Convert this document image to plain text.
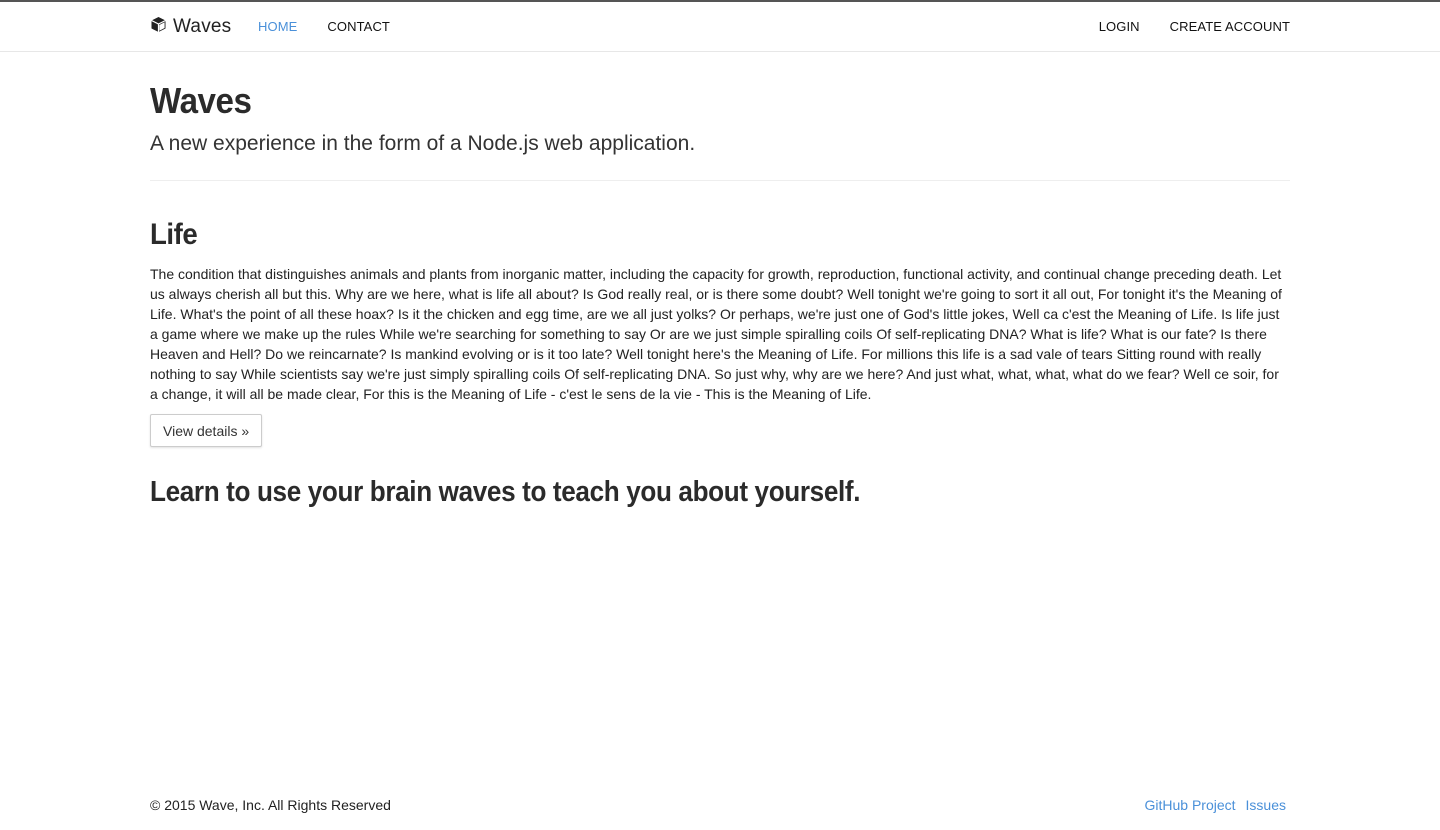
Waves HOME CONTACT	LOGIN CREATE ACCOUNT
Waves

A new experience in the form of a Node.js web application.

Life

The condition that distinguishes animals and plants from inorganic matter, including the capacity for growth, reproduction, functional activity, and continual change preceding death. Let us always cherish all but this. Why are we here, what is life all about? Is God really real, or is there some doubt? Well tonight we're going to sort it all out, For tonight it's the Meaning of Life. What's the point of all these hoax? Is it the chicken and egg time, are we all just yolks? Or perhaps, we're just one of God's little jokes, Well ca c'est the Meaning of Life. Is life just a game where we make up the rules While we're searching for something to say Or are we just simple spiralling coils Of self-replicating DNA? What is life? What is our fate? Is there Heaven and Hell? Do we reincarnate? Is mankind evolving or is it too late? Well tonight here's the Meaning of Life. For millions this life is a sad vale of tears Sitting round with really nothing to say While scientists say we're just simply spiralling coils Of self-replicating DNA. So just why, why are we here? And just what, what, what, what do we fear? Well ce soir, for a change, it will all be made clear, For this is the Meaning of Life - c'est le sens de la vie - This is the Meaning of Life.

View details »
Learn to use your brain waves to teach you about yourself.
© 2015 Wave, Inc. All Rights Reserved	GitHub Project Issues
